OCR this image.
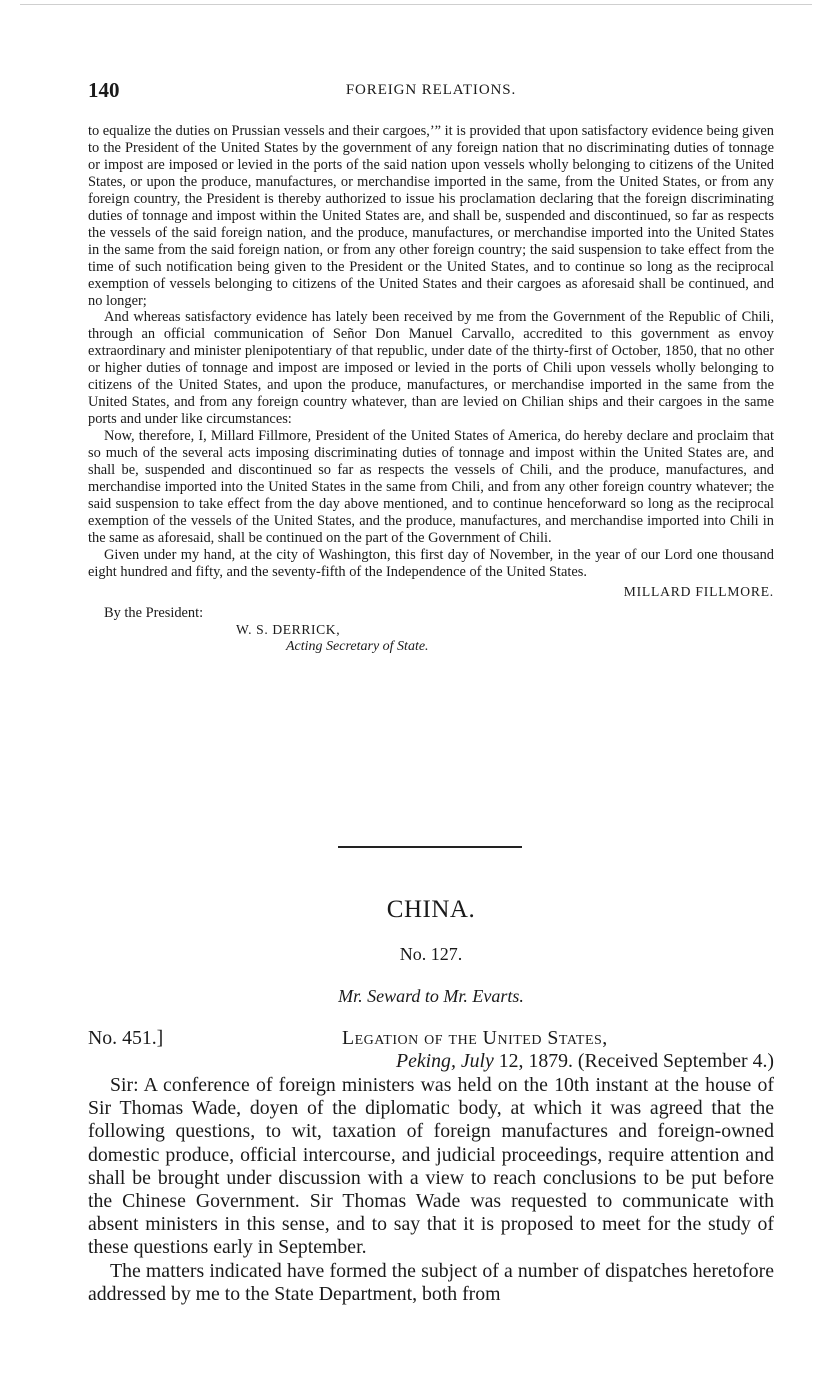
140	FOREIGN RELATIONS.

to equalize the duties on Prussian vessels and their cargoes,’” it is provided that upon satisfactory evidence being given to the President of the United States by the government of any foreign nation that no discriminating duties of tonnage or impost are imposed or levied in the ports of the said nation upon vessels wholly belonging to citizens of the United States, or upon the produce, manufactures, or merchandise imported in the same, from the United States, or from any foreign country, the President is thereby authorized to issue his proclamation declaring that the foreign discriminating duties of tonnage and impost within the United States are, and shall be, suspended and discontinued, so far as respects the vessels of the said foreign nation, and the produce, manufactures, or merchandise imported into the United States in the same from the said foreign nation, or from any other foreign country; the said suspension to take effect from the time of such notification being given to the President or the United States, and to continue so long as the reciprocal exemption of vessels belonging to citizens of the United States and their cargoes as aforesaid shall be continued, and no longer;

And whereas satisfactory evidence has lately been received by me from the Government of the Republic of Chili, through an official communication of Señor Don Manuel Carvallo, accredited to this government as envoy extraordinary and minister plenipotentiary of that republic, under date of the thirty-first of October, 1850, that no other or higher duties of tonnage and impost are imposed or levied in the ports of Chili upon vessels wholly belonging to citizens of the United States, and upon the produce, manufactures, or merchandise imported in the same from the United States, and from any foreign country whatever, than are levied on Chilian ships and their cargoes in the same ports and under like circumstances:

Now, therefore, I, Millard Fillmore, President of the United States of America, do hereby declare and proclaim that so much of the several acts imposing discriminating duties of tonnage and impost within the United States are, and shall be, suspended and discontinued so far as respects the vessels of Chili, and the produce, manufactures, and merchandise imported into the United States in the same from Chili, and from any other foreign country whatever; the said suspension to take effect from the day above mentioned, and to continue henceforward so long as the reciprocal exemption of the vessels of the United States, and the produce, manufactures, and merchandise imported into Chili in the same as aforesaid, shall be continued on the part of the Government of Chili.

Given under my hand, at the city of Washington, this first day of November, in the year of our Lord one thousand eight hundred and fifty, and the seventy-fifth of the Independence of the United States.

MILLARD FILLMORE.

By the President:

W. S. DERRICK,

Acting Secretary of State.

CHINA.
No. 127.
Mr. Seward to Mr. Evarts.
No. 451.]	Legation of the United States,
Peking, July 12, 1879. (Received September 4.)

Sir: A conference of foreign ministers was held on the 10th instant at the house of Sir Thomas Wade, doyen of the diplomatic body, at which it was agreed that the following questions, to wit, taxation of foreign manufactures and foreign-owned domestic produce, official intercourse, and judicial proceedings, require attention and shall be brought under discussion with a view to reach conclusions to be put before the Chinese Government. Sir Thomas Wade was requested to communicate with absent ministers in this sense, and to say that it is proposed to meet for the study of these questions early in September.

The matters indicated have formed the subject of a number of dispatches heretofore addressed by me to the State Department, both from
